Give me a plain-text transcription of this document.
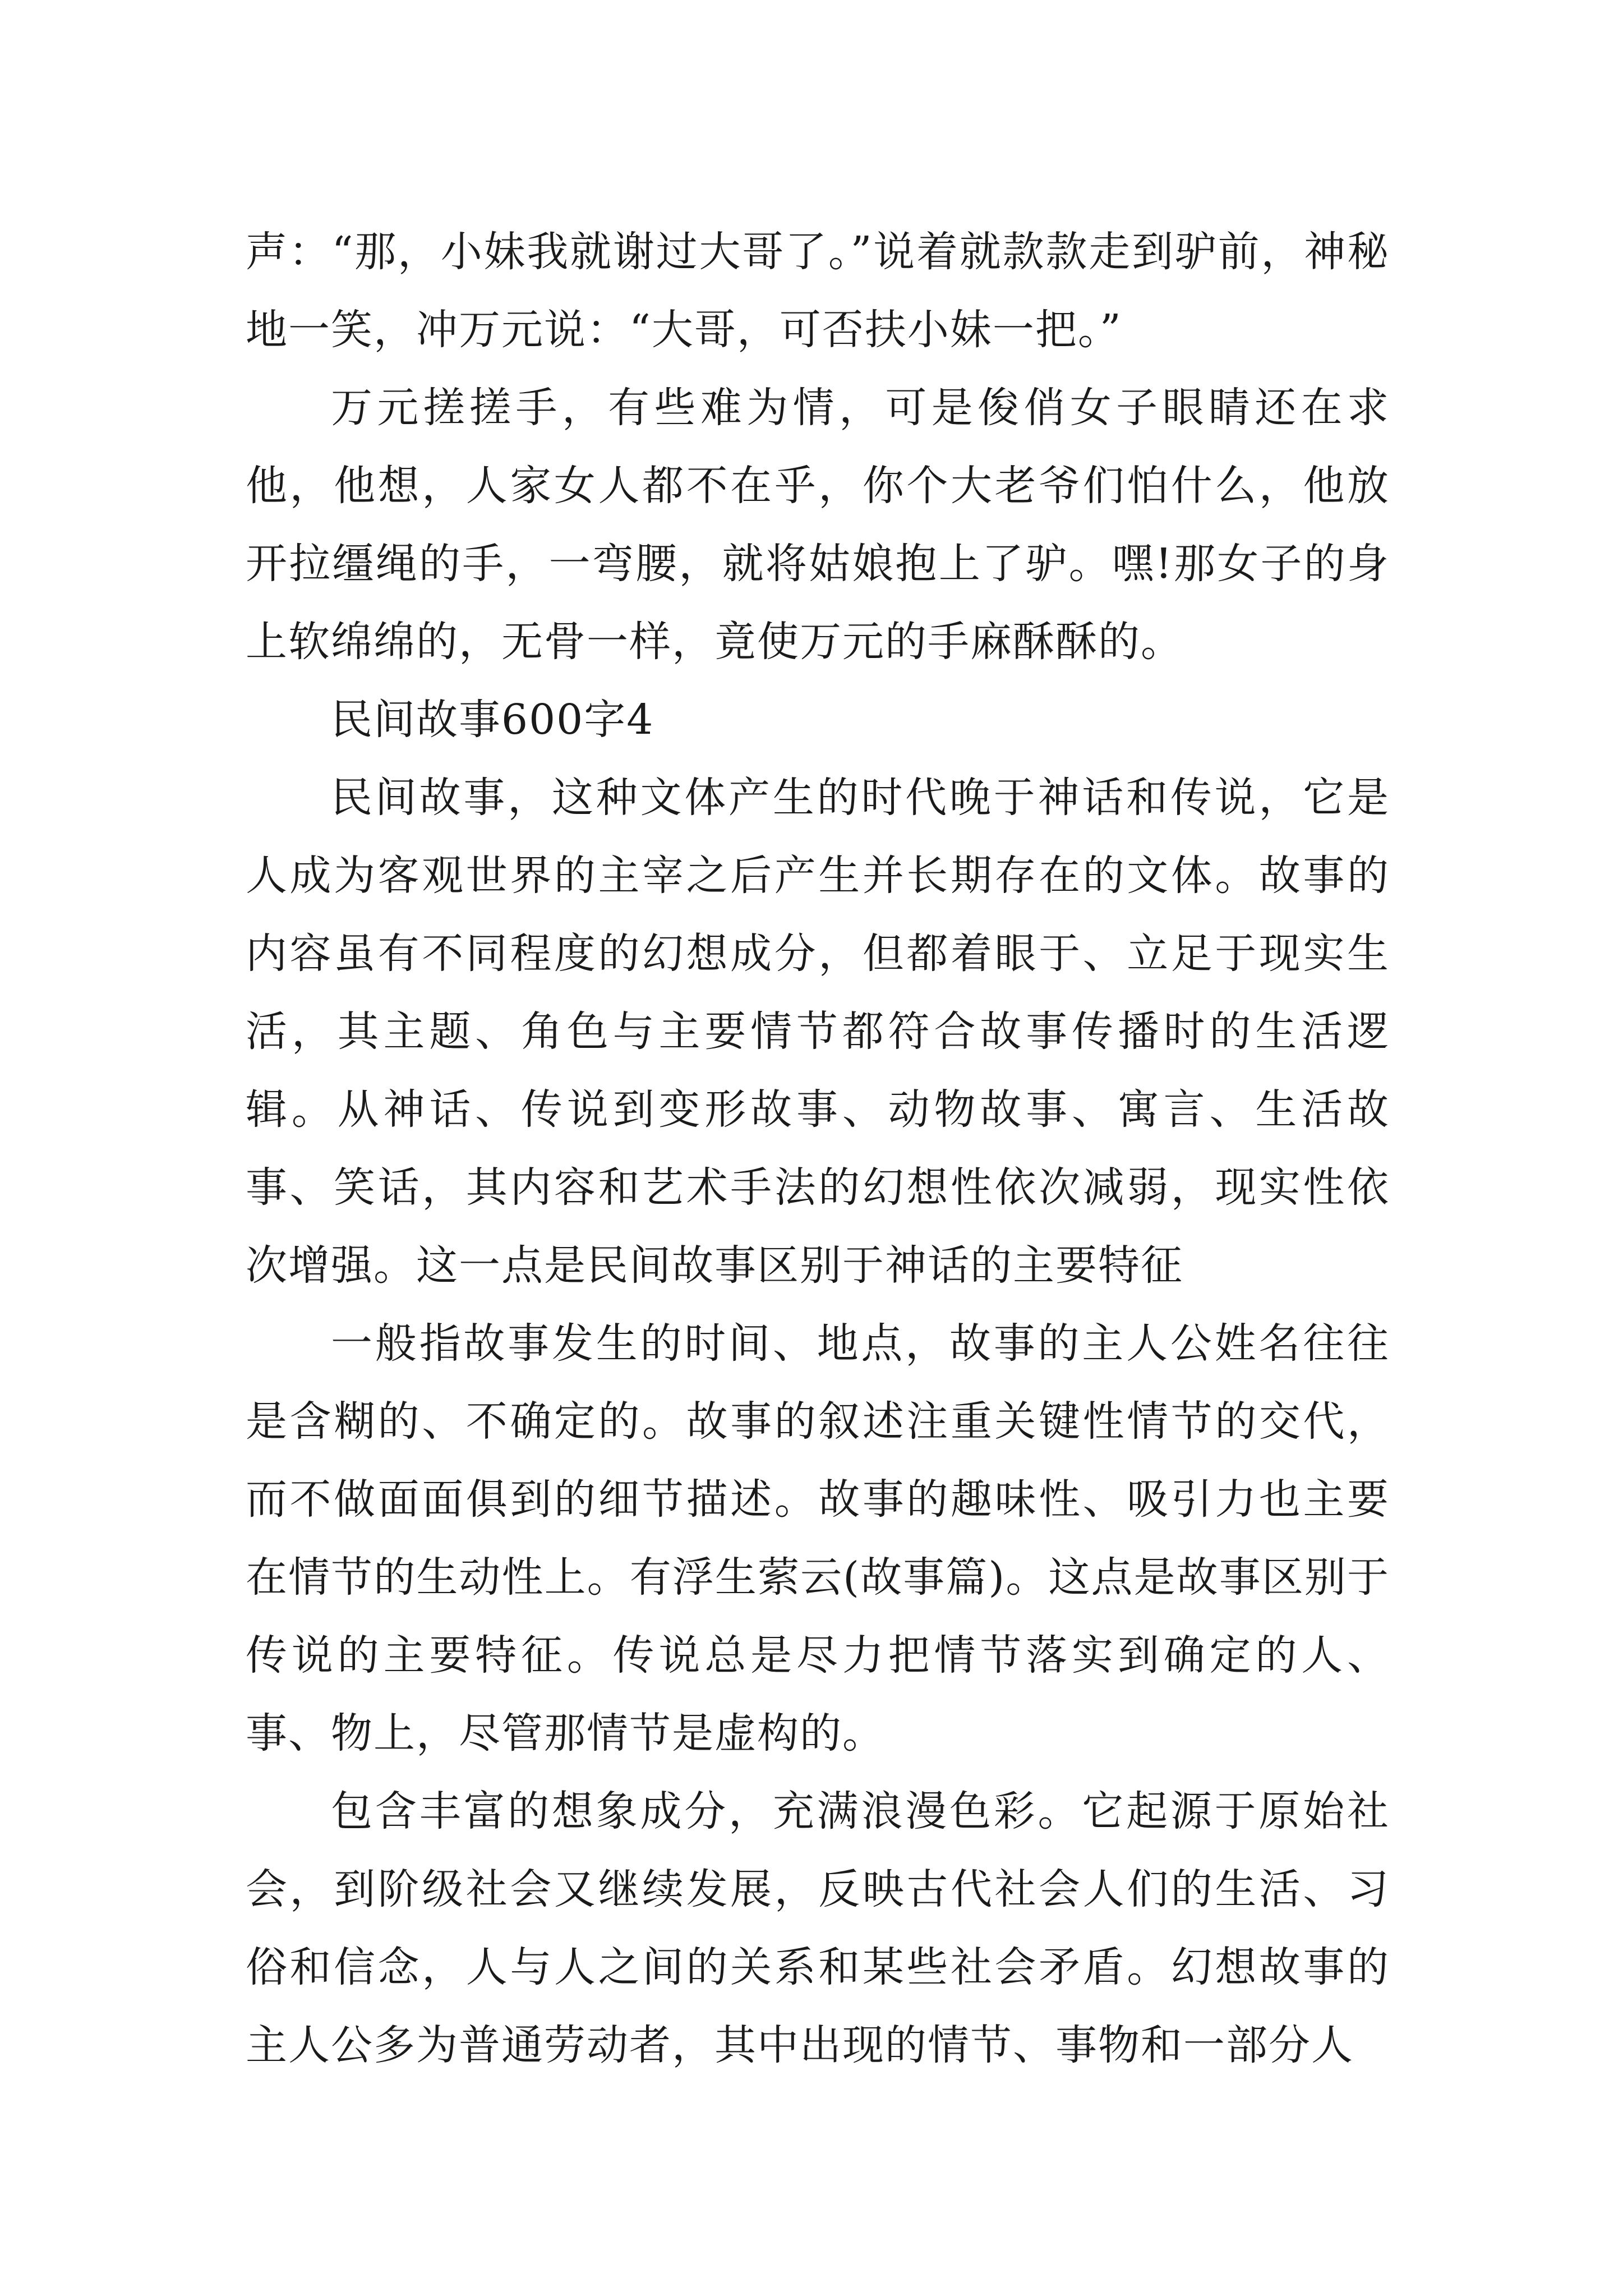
声：“那，小妹我就谢过大哥了。”说着就款款走到驴前，神秘地一笑，冲万元说：“大哥，可否扶小妹一把。”

万元搓搓手，有些难为情，可是俊俏女子眼睛还在求他，他想，人家女人都不在乎，你个大老爷们怕什么，他放开拉缰绳的手，一弯腰，就将姑娘抱上了驴。嘿!那女子的身上软绵绵的，无骨一样，竟使万元的手麻酥酥的。

民间故事600字4

民间故事，这种文体产生的时代晚于神话和传说，它是人成为客观世界的主宰之后产生并长期存在的文体。故事的内容虽有不同程度的幻想成分，但都着眼于、立足于现实生活，其主题、角色与主要情节都符合故事传播时的生活逻辑。从神话、传说到变形故事、动物故事、寓言、生活故事、笑话，其内容和艺术手法的幻想性依次减弱，现实性依次增强。这一点是民间故事区别于神话的主要特征

一般指故事发生的时间、地点，故事的主人公姓名往往是含糊的、不确定的。故事的叙述注重关键性情节的交代，而不做面面俱到的细节描述。故事的趣味性、吸引力也主要在情节的生动性上。有浮生萦云(故事篇)。这点是故事区别于传说的主要特征。传说总是尽力把情节落实到确定的人、事、物上，尽管那情节是虚构的。

包含丰富的想象成分，充满浪漫色彩。它起源于原始社会，到阶级社会又继续发展，反映古代社会人们的生活、习俗和信念，人与人之间的关系和某些社会矛盾。幻想故事的主人公多为普通劳动者，其中出现的情节、事物和一部分人
